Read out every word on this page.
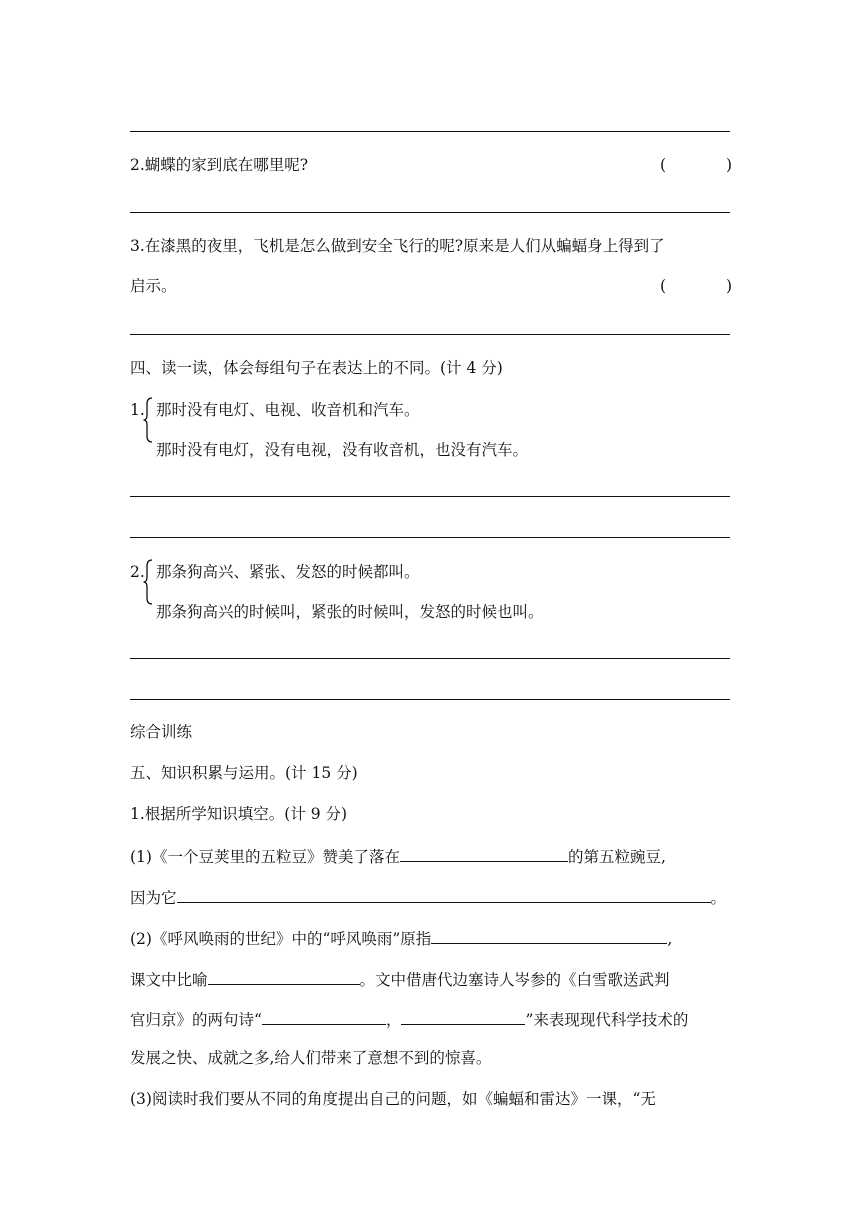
2.蝴蝶的家到底在哪里呢?	(	)
3.在漆黑的夜里，飞机是怎么做到安全飞行的呢?原来是人们从蝙蝠身上得到了
启示。	(	)
四、读一读，体会每组句子在表达上的不同。(计 4 分)
1. 那时没有电灯、电视、收音机和汽车。
那时没有电灯，没有电视，没有收音机，也没有汽车。
2. 那条狗高兴、紧张、发怒的时候都叫。
那条狗高兴的时候叫，紧张的时候叫，发怒的时候也叫。
综合训练
五、知识积累与运用。(计 15 分)
1.根据所学知识填空。(计 9 分)
(1)《一个豆荚里的五粒豆》赞美了落在	的第五粒豌豆,
因为它	。
(2)《呼风唤雨的世纪》中的“呼风唤雨”原指	,
课文中比喻	。文中借唐代边塞诗人岑参的《白雪歌送武判
官归京》的两句诗“	，	”来表现现代科学技术的
发展之快、成就之多,给人们带来了意想不到的惊喜。
(3)阅读时我们要从不同的角度提出自己的问题，如《蝙蝠和雷达》一课，“无
